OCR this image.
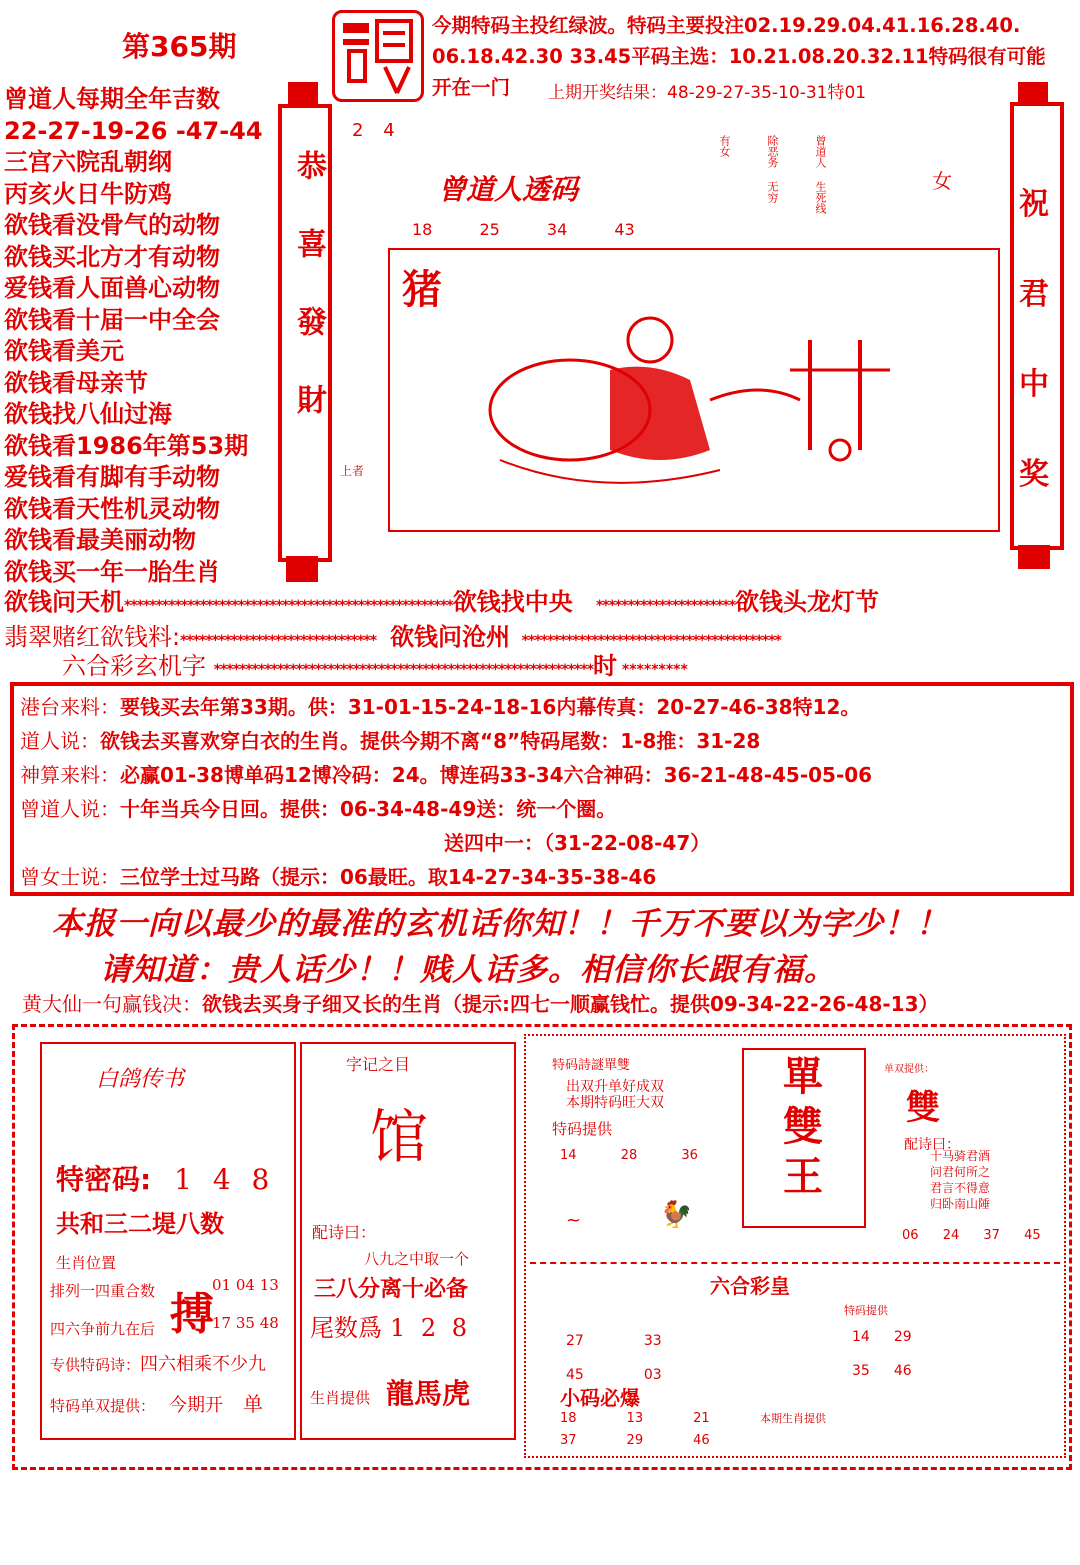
第365期
今期特码主投红绿波。特码主要投注02.19.29.04.41.16.28.40.
06.18.42.30 33.45平码主选：10.21.08.20.32.11特码很有可能
开在一门	上期开奖结果：48-29-27-35-10-31特01
曾道人每期全年吉数
22-27-19-26 -47-44
三宫六院乱朝纲
丙亥火日牛防鸡
欲钱看没骨气的动物
欲钱买北方才有动物
爱钱看人面兽心动物
欲钱看十届一中全会
欲钱看美元
欲钱看母亲节
欲钱找八仙过海
欲钱看1986年第53期
爱钱看有脚有手动物
欲钱看天性机灵动物
欲钱看最美丽动物
欲钱买一年一胎生肖
恭喜發財	祝
君
中
奖
2 4
曾道人透码	女
曾道人 生死线 除恶务 无穷 有女
18	25	34	43
猪
上者
欲钱问天机****************************************************欲钱找中央      **********************欲钱头龙灯节
翡翠赌红欲钱料:******************************* 欲钱问沧州   *****************************************
六合彩玄机字  ************************************************************时 *********
港台来料：要钱买去年第33期。供：31-01-15-24-18-16内幕传真：20-27-46-38特12。
道人说：欲钱去买喜欢穿白衣的生肖。提供今期不离“8”特码尾数：1-8推：31-28
神算来料：必赢01-38博单码12博冷码：24。博连码33-34六合神码：36-21-48-45-05-06
曾道人说：十年当兵今日回。提供：06-34-48-49送：统一个圈。
送四中一：（31-22-08-47）
曾女士说：三位学士过马路（提示：06最旺。取14-27-34-35-38-46
本报一向以最少的最准的玄机话你知！！千万不要以为字少！！
请知道：贵人话少！！贱人话多。相信你长跟有福。
黄大仙一句赢钱决：欲钱去买身子细又长的生肖（提示:四七一顺赢钱忙。提供09-34-22-26-48-13）
白鸽传书
特密码: 1 4 8
共和三二堤八数
生肖位置
排列一四重合数 搏
01 04 13
四六争前九在后	17 35 48
专供特码诗：四六相乘不少九
特码单双提供： 今期开 单
字记之目
馆
配诗曰：
八九之中取一个
三八分离十必备
尾数爲 1 2 8
生肖提供 龍馬虎
特码詩謎單雙
出双升单好成双
本期特码旺大双
特码提供
14	28	36
🐓
~
單
雙
王
单双提供：
雙
配诗曰：
十马骑君酒
问君何所之
君言不得意
归卧南山陲
06 24 37 45
六合彩皇
特码提供
27	33
45	03
14 29
35 46
小码必爆
18	13	21
37	29	46
本期生肖提供
